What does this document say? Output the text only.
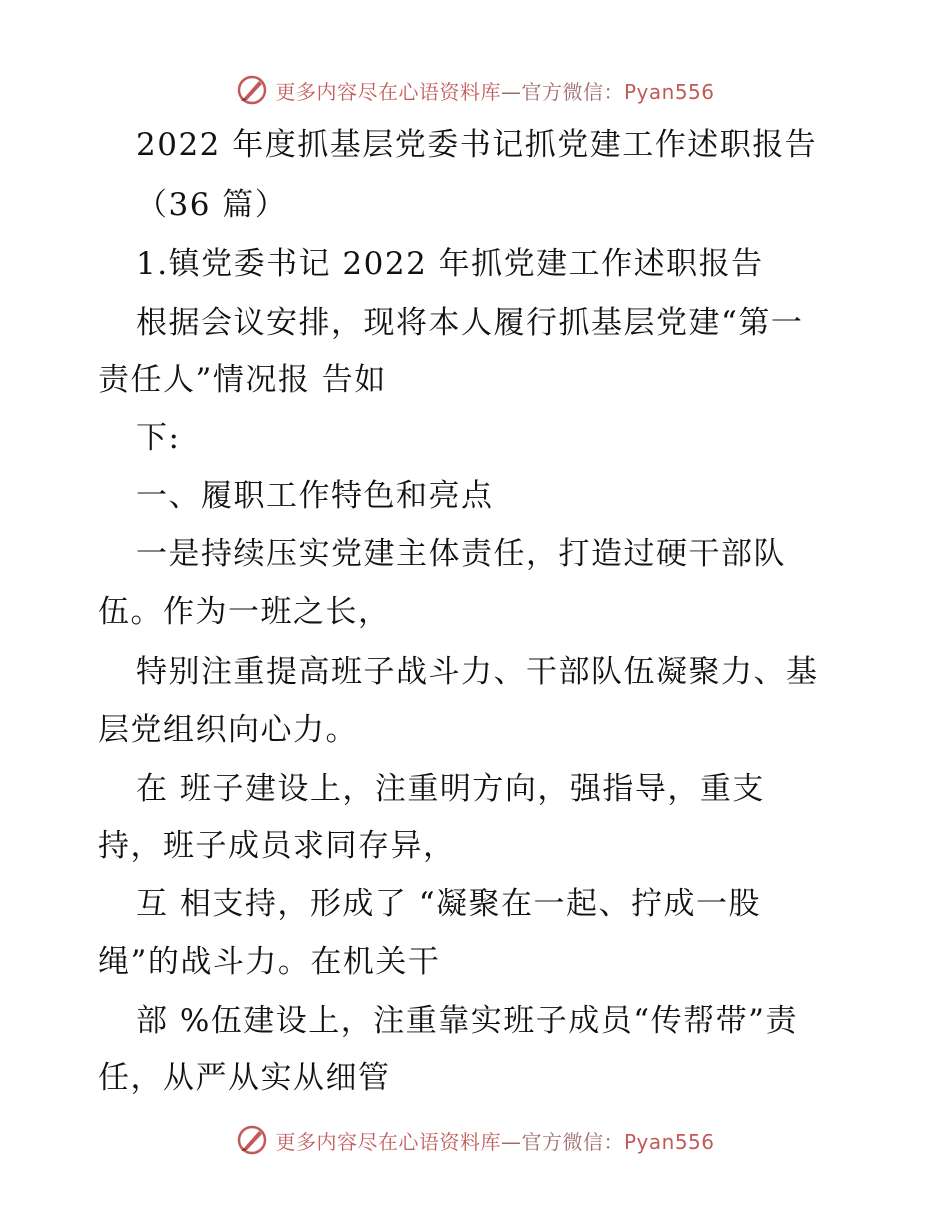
更多内容尽在心语资料库—官方微信：Pyan556
2022 年度抓基层党委书记抓党建工作述职报告
（36 篇）
1.镇党委书记 2022 年抓党建工作述职报告
根据会议安排，现将本人履行抓基层党建“第一
责任人”情况报 告如
下:
一、履职工作特色和亮点
一是持续压实党建主体责任，打造过硬干部队
伍。作为一班之长，
特别注重提高班子战斗力、干部队伍凝聚力、基
层党组织向心力。
在 班子建设上，注重明方向，强指导，重支
持，班子成员求同存异，
互 相支持，形成了 “凝聚在一起、拧成一股
绳”的战斗力。在机关干
部 %伍建设上，注重靠实班子成员“传帮带”责
任，从严从实从细管
更多内容尽在心语资料库—官方微信：Pyan556
